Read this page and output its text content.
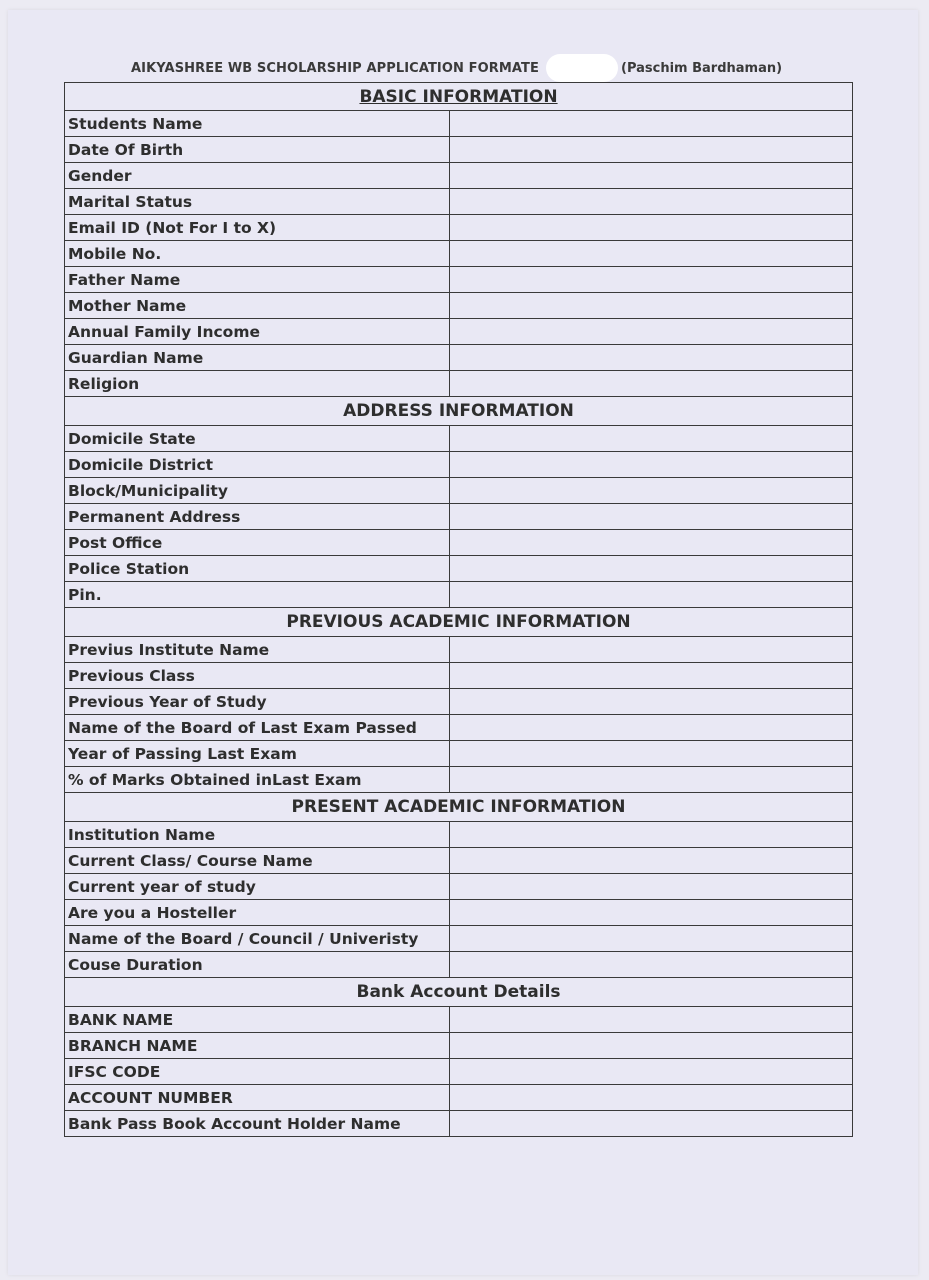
AIKYASHREE WB SCHOLARSHIP APPLICATION FORMATE	(Paschim Bardhaman)
BASIC INFORMATION	
Students Name	
Date Of Birth	
Gender	
Marital Status	
Email ID (Not For I to X)	
Mobile No.	
Father Name	
Mother Name	
Annual Family Income	
Guardian Name	
Religion	
ADDRESS INFORMATION	
Domicile State	
Domicile District	
Block/Municipality	
Permanent Address	
Post Office	
Police Station	
Pin.	
PREVIOUS ACADEMIC INFORMATION	
Previus Institute Name	
Previous Class	
Previous Year of Study	
Name of the Board of Last Exam Passed	
Year of Passing Last Exam	
% of Marks Obtained inLast Exam	
PRESENT ACADEMIC INFORMATION	
Institution Name	
Current Class/ Course Name	
Current year of study	
Are you a Hosteller	
Name of the Board / Council / Univeristy	
Couse Duration	
Bank Account Details	
BANK NAME	
BRANCH NAME	
IFSC CODE	
ACCOUNT NUMBER	
Bank Pass Book Account Holder Name	
